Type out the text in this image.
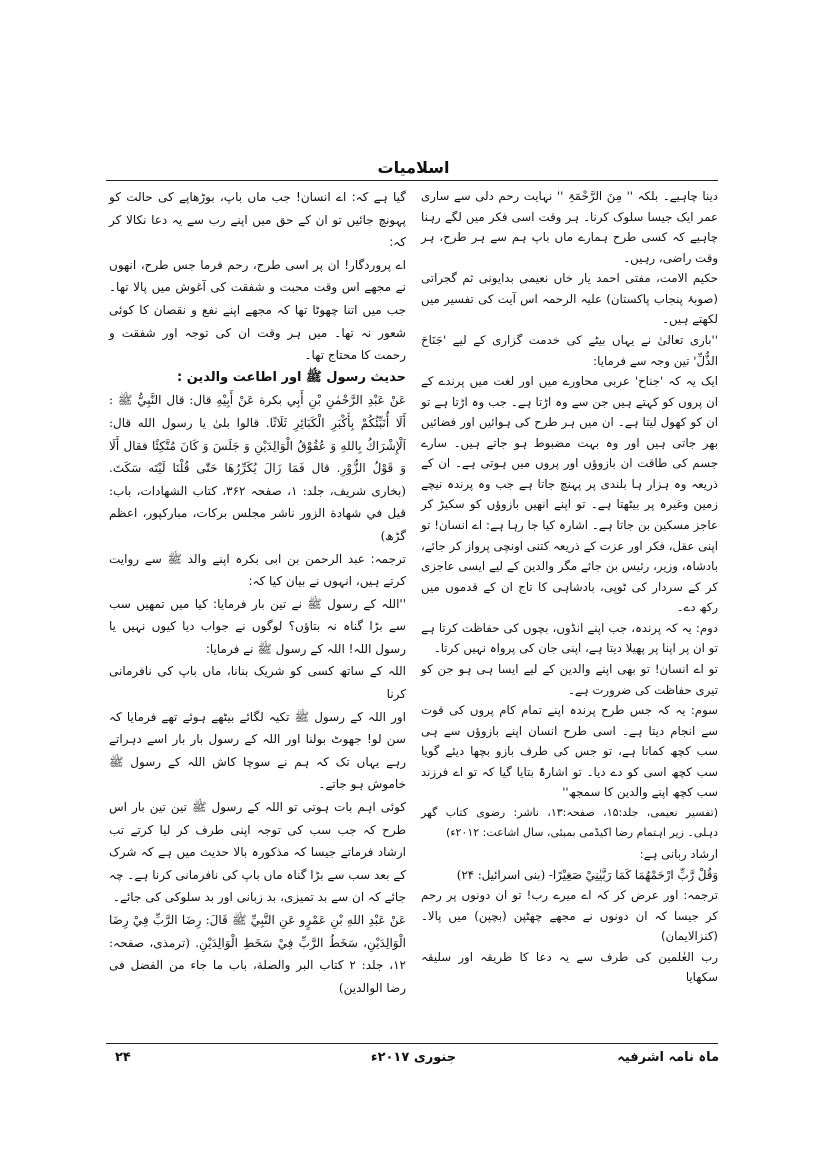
اسلامیات

دینا چاہیے۔ بلکہ '' مِنَ الرَّحْمَۃِ '' نہایت رحم دلی سے ساری عمر ایک جیسا سلوک کرنا۔ ہر وقت اسی فکر میں لگے رہنا چاہیے کہ کسی طرح ہمارے ماں باپ ہم سے ہر طرح، ہر وقت راضی، رہیں۔

حکیم الامت، مفتی احمد یار خاں نعیمی بدایونی ثم گجراتی (صوبۂ پنجاب پاکستان) علیہ الرحمہ اس آیت کی تفسیر میں لکھتے ہیں۔

''باری تعالیٰ نے یہاں بیٹے کی خدمت گزاری کے لیے 'جَنَاحَ الذُّلِّ' تین وجہ سے فرمایا:

ایک یہ کہ 'جناح' عربی محاورے میں اور لغت میں پرندے کے ان پروں کو کہتے ہیں جن سے وہ اڑتا ہے۔ جب وہ اڑتا ہے تو ان کو کھول لیتا ہے۔ ان میں ہر طرح کی ہوائیں اور فضائیں بھر جاتی ہیں اور وہ بہت مضبوط ہو جاتے ہیں۔ سارے جسم کی طاقت ان بازوؤں اور پروں میں ہوتی ہے۔ ان کے ذریعہ وہ ہزار ہا بلندی پر پہنچ جاتا ہے جب وہ پرندہ نیچے زمین وغیرہ پر بیٹھتا ہے۔ تو اپنے انھیں بازوؤں کو سکیڑ کر عاجز مسکین بن جاتا ہے۔ اشارہ کیا جا رہا ہے: اے انسان! تو اپنی عقل، فکر اور عزت کے ذریعہ کتنی اونچی پرواز کر جائے، بادشاہ، وزیر، رئیس بن جائے مگر والدین کے لیے ایسی عاجزی کر کے سردار کی ٹوپی، بادشاہی کا تاج ان کے قدموں میں رکھ دے۔

دوم: یہ کہ پرندہ، جب اپنے انڈوں، بچوں کی حفاظت کرتا ہے تو ان پر اپنا پر پھیلا دیتا ہے، اپنی جان کی پرواہ نہیں کرتا۔

تو اے انسان! تو بھی اپنے والدین کے لیے ایسا ہی ہو جن کو تیری حفاظت کی ضرورت ہے۔

سوم: یہ کہ جس طرح پرندہ اپنے تمام کام پروں کی قوت سے انجام دیتا ہے۔ اسی طرح انسان اپنے بازوؤں سے ہی سب کچھ کماتا ہے، تو جس کی طرف بازو بچھا دیئے گویا سب کچھ اسی کو دے دیا۔ تو اشارۃً بتایا گیا کہ تو اے فرزند سب کچھ اپنے والدین کا سمجھ''

(تفسیر نعیمی، جلد:۱۵، صفحہ:۱۳، ناشر: رضوی کتاب گھر دہلی۔ زیر اہتمام رضا اکیڈمی بمبئی، سال اشاعت: ۲۰۱۲ء)

ارشاد ربانی ہے:

وَقُلْ رَّبِّ ارْحَمْهُمَا كَمَا رَبَّيٰنِيْ صَغِيْرًا- (بنی اسرائیل: ۲۴)

ترجمہ: اور عرض کر کہ اے میرے رب! تو ان دونوں پر رحم کر جیسا کہ ان دونوں نے مجھے چھٹپن (بچپن) میں پالا۔ (کنزالایمان)

رب العٰلمین کی طرف سے یہ دعا کا طریقہ اور سلیقہ سکھایا

گیا ہے کہ: اے انسان! جب ماں باپ، بوڑھاپے کی حالت کو پہونچ جائیں تو ان کے حق میں اپنے رب سے یہ دعا نکالا کر کہ:

اے پروردگار! ان پر اسی طرح، رحم فرما جس طرح، انھوں نے مجھے اس وقت محبت و شفقت کی آغوش میں پالا تھا۔ جب میں اتنا چھوٹا تھا کہ مجھے اپنے نفع و نقصان کا کوئی شعور نہ تھا۔ میں ہر وقت ان کی توجہ اور شفقت و رحمت کا محتاج تھا۔

حدیث رسول ﷺ اور اطاعت والدین :

عَنْ عَبْدِ الرَّحْمٰنِ بْنِ أَبِي بكرة عَنْ أَبِيْهِ قال: قال النَّبِيُّ ﷺ : أَلَا أُنَبِّئُكُمْ بِأَكْبَرِ الْكَبَائِرِ ثَلَاثًا. قالوا بلىٰ يا رسول الله قال: اَلْإِشْرَاكُ بِاللهِ وَ عُقُوْقُ الْوَالِدَيْنِ وَ جَلَسَ وَ كَانَ مُتَّكِئًا فقال أَلَا وَ قَوْلُ الزُّوْرِ. قال فَمَا زَالَ يُكَرِّرُهَا حَتّٰى قُلْنَا لَيْتَه سَكَتَ. (بخاری شریف، جلد: ۱، صفحہ ۳۶۲، کتاب الشهادات، باب: قيل في شهادة الزور ناشر مجلس برکات، مبارکپور، اعظم گڑھ)

ترجمہ: عبد الرحمن بن ابی بکرہ اپنے والد ﷺ سے روایت کرتے ہیں، انہوں نے بیان کیا کہ:

''اللہ کے رسول ﷺ نے تین بار فرمایا: کیا میں تمھیں سب سے بڑا گناہ نہ بتاؤں؟ لوگوں نے جواب دیا کیوں نہیں یا رسول اللہ! اللہ کے رسول ﷺ نے فرمایا:

اللہ کے ساتھ کسی کو شریک بنانا، ماں باپ کی نافرمانی کرنا

اور اللہ کے رسول ﷺ تکیہ لگائے بیٹھے ہوئے تھے فرمایا کہ سن لو! جھوٹ بولنا اور اللہ کے رسول بار بار اسے دہراتے رہے یہاں تک کہ ہم نے سوچا کاش اللہ کے رسول ﷺ خاموش ہو جاتے۔

کوئی اہم بات ہوتی تو اللہ کے رسول ﷺ تین تین بار اس طرح کہ جب سب کی توجہ اپنی طرف کر لیا کرتے تب ارشاد فرماتے جیسا کہ مذکورہ بالا حدیث میں ہے کہ شرک کے بعد سب سے بڑا گناہ ماں باپ کی نافرمانی کرنا ہے۔ چہ جائے کہ ان سے بد تمیزی، بد زبانی اور بد سلوکی کی جائے۔

عَنْ عَبْدِ اللهِ بْنِ عَمْرٍو عَنِ النَّبِيِّ ﷺ قَالَ: رِضَا الرَّبِّ فِيْ رِضَا الْوَالِدَيْنِ، سَخَطُ الرَّبِّ فِيْ سَخَطِ الْوَالِدَيْنِ. (ترمذی، صفحہ: ۱۲، جلد: ۲ كتاب البر والصلة، باب ما جاء من الفضل فى رضا الوالدين)

ماہ نامہ اشرفیہ
جنوری ۲۰۱۷ء
۲۴
